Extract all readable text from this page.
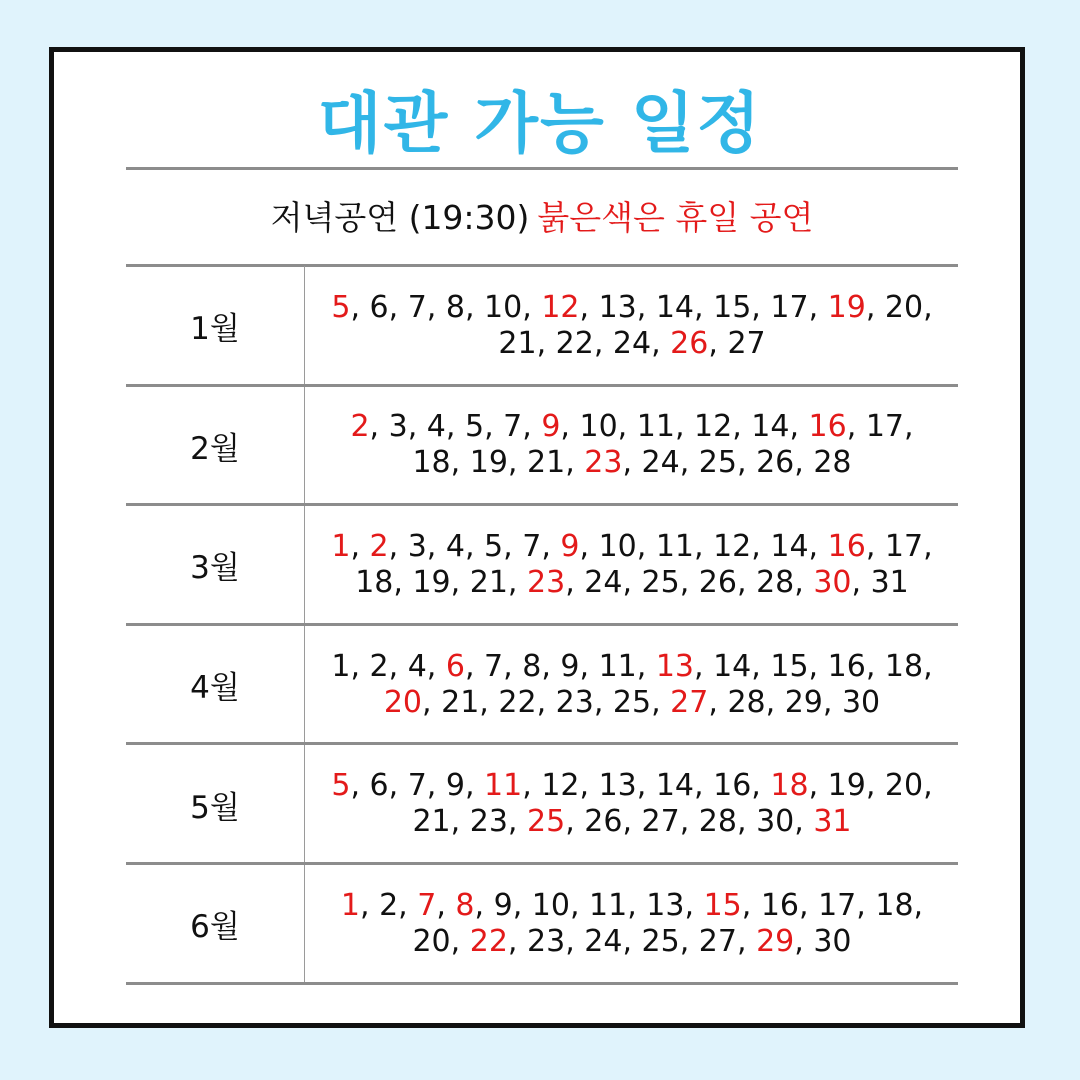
대관 가능 일정
저녁공연 (19:30) 붉은색은 휴일 공연
1월
5, 6, 7, 8, 10, 12, 13, 14, 15, 17, 19, 20,
21, 22, 24, 26, 27
2월
2, 3, 4, 5, 7, 9, 10, 11, 12, 14, 16, 17,
18, 19, 21, 23, 24, 25, 26, 28
3월
1, 2, 3, 4, 5, 7, 9, 10, 11, 12, 14, 16, 17,
18, 19, 21, 23, 24, 25, 26, 28, 30, 31
4월
1, 2, 4, 6, 7, 8, 9, 11, 13, 14, 15, 16, 18,
20, 21, 22, 23, 25, 27, 28, 29, 30
5월
5, 6, 7, 9, 11, 12, 13, 14, 16, 18, 19, 20,
21, 23, 25, 26, 27, 28, 30, 31
6월
1, 2, 7, 8, 9, 10, 11, 13, 15, 16, 17, 18,
20, 22, 23, 24, 25, 27, 29, 30
